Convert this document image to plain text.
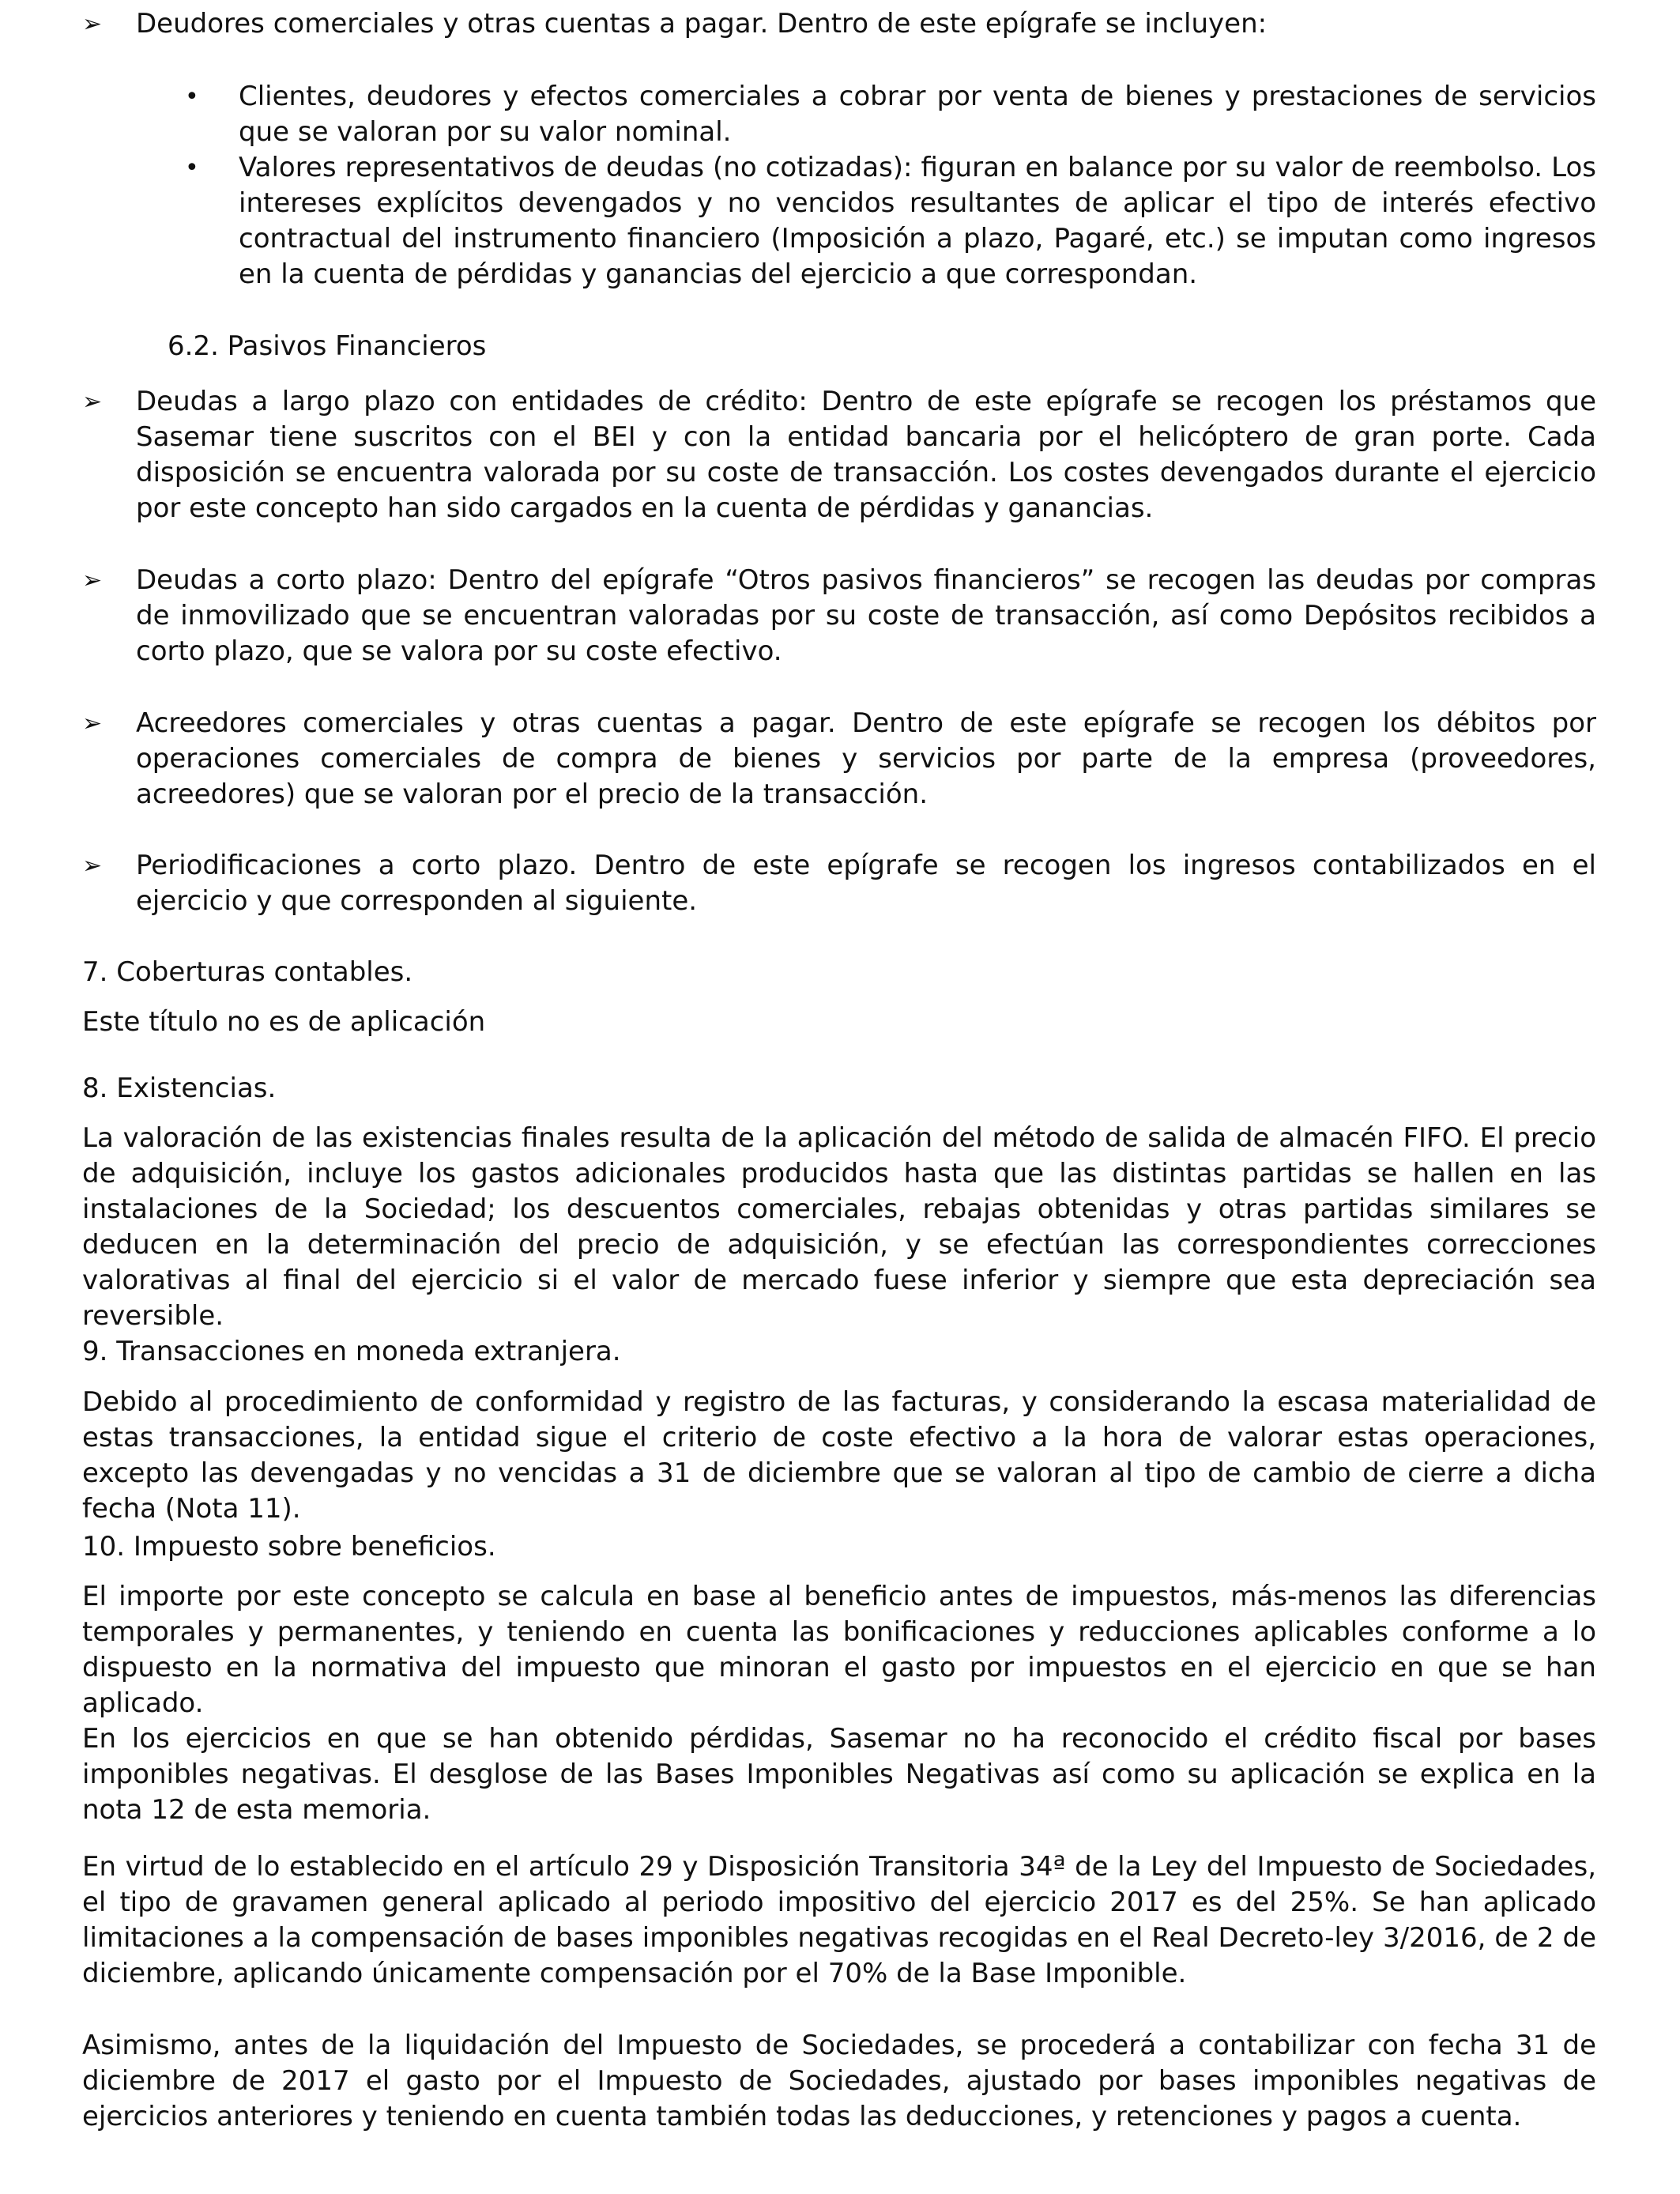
➢	Deudores comerciales y otras cuentas a pagar. Dentro de este epígrafe se incluyen:

• Clientes, deudores y efectos comerciales a cobrar por venta de bienes y prestaciones de servicios que se valoran por su valor nominal.

• Valores representativos de deudas (no cotizadas): figuran en balance por su valor de reembolso. Los intereses explícitos devengados y no vencidos resultantes de aplicar el tipo de interés efectivo contractual del instrumento financiero (Imposición a plazo, Pagaré, etc.) se imputan como ingresos en la cuenta de pérdidas y ganancias del ejercicio a que correspondan.

6.2. Pasivos Financieros

➢	Deudas a largo plazo con entidades de crédito: Dentro de este epígrafe se recogen los préstamos que Sasemar tiene suscritos con el BEI y con la entidad bancaria por el helicóptero de gran porte. Cada disposición se encuentra valorada por su coste de transacción. Los costes devengados durante el ejercicio por este concepto han sido cargados en la cuenta de pérdidas y ganancias.

➢	Deudas a corto plazo: Dentro del epígrafe “Otros pasivos financieros” se recogen las deudas por compras de inmovilizado que se encuentran valoradas por su coste de transacción, así como Depósitos recibidos a corto plazo, que se valora por su coste efectivo.

➢	Acreedores comerciales y otras cuentas a pagar. Dentro de este epígrafe se recogen los débitos por operaciones comerciales de compra de bienes y servicios por parte de la empresa (proveedores, acreedores) que se valoran por el precio de la transacción.

➢	Periodificaciones a corto plazo. Dentro de este epígrafe se recogen los ingresos contabilizados en el ejercicio y que corresponden al siguiente.

7. Coberturas contables.

Este título no es de aplicación

8. Existencias.

La valoración de las existencias finales resulta de la aplicación del método de salida de almacén FIFO. El precio de adquisición, incluye los gastos adicionales producidos hasta que las distintas partidas se hallen en las instalaciones de la Sociedad; los descuentos comerciales, rebajas obtenidas y otras partidas similares se deducen en la determinación del precio de adquisición, y se efectúan las correspondientes correcciones valorativas al final del ejercicio si el valor de mercado fuese inferior y siempre que esta depreciación sea reversible.

9. Transacciones en moneda extranjera.

Debido al procedimiento de conformidad y registro de las facturas, y considerando la escasa materialidad de estas transacciones, la entidad sigue el criterio de coste efectivo a la hora de valorar estas operaciones, excepto las devengadas y no vencidas a 31 de diciembre que se valoran al tipo de cambio de cierre a dicha fecha (Nota 11).

10. Impuesto sobre beneficios.

El importe por este concepto se calcula en base al beneficio antes de impuestos, más-menos las diferencias temporales y permanentes, y teniendo en cuenta las bonificaciones y reducciones aplicables conforme a lo dispuesto en la normativa del impuesto que minoran el gasto por impuestos en el ejercicio en que se han aplicado.

En los ejercicios en que se han obtenido pérdidas, Sasemar no ha reconocido el crédito fiscal por bases imponibles negativas. El desglose de las Bases Imponibles Negativas así como su aplicación se explica en la nota 12 de esta memoria.

En virtud de lo establecido en el artículo 29 y Disposición Transitoria 34ª de la Ley del Impuesto de Sociedades, el tipo de gravamen general aplicado al periodo impositivo del ejercicio 2017 es del 25%. Se han aplicado limitaciones a la compensación de bases imponibles negativas recogidas en el Real Decreto-ley 3/2016, de 2 de diciembre, aplicando únicamente compensación por el 70% de la Base Imponible.

Asimismo, antes de la liquidación del Impuesto de Sociedades, se procederá a contabilizar con fecha 31 de diciembre de 2017 el gasto por el Impuesto de Sociedades, ajustado por bases imponibles negativas de ejercicios anteriores y teniendo en cuenta también todas las deducciones, y retenciones y pagos a cuenta.
